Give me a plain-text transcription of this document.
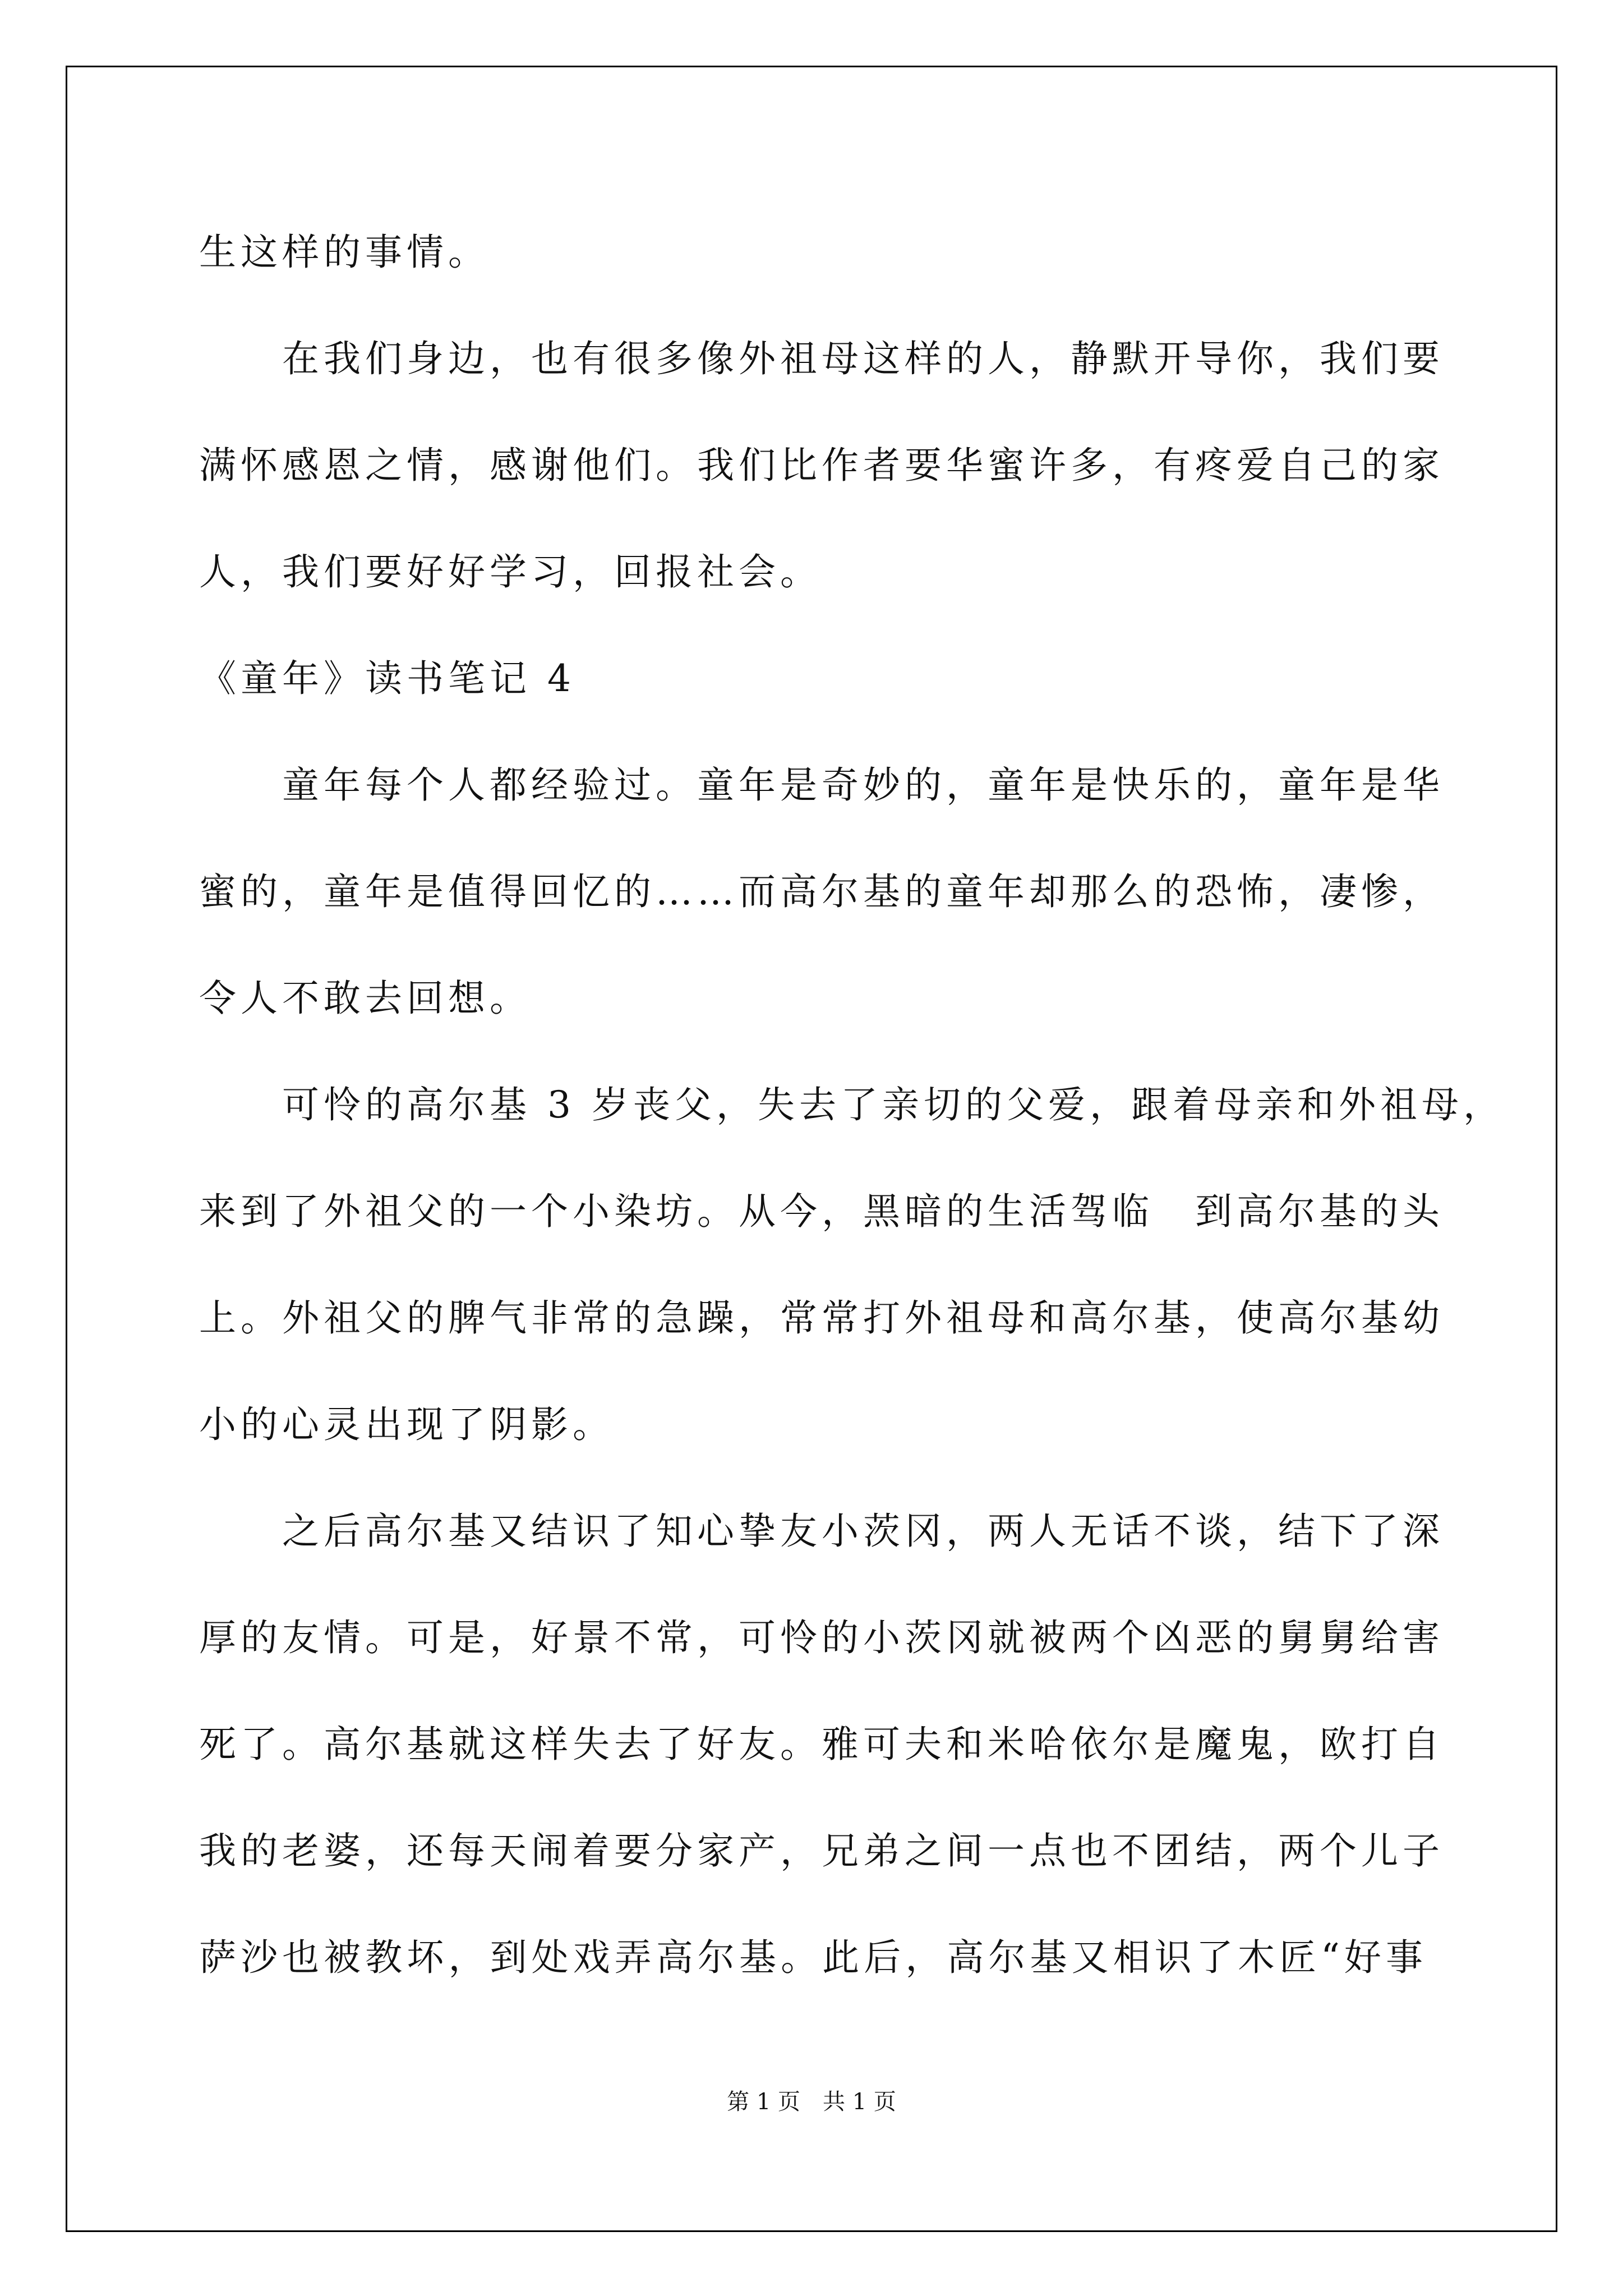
生这样的事情。
在我们身边，也有很多像外祖母这样的人，静默开导你，我们要
满怀感恩之情，感谢他们。我们比作者要华蜜许多，有疼爱自己的家
人，我们要好好学习，回报社会。
《童年》读书笔记 4
童年每个人都经验过。童年是奇妙的，童年是快乐的，童年是华
蜜的，童年是值得回忆的……而高尔基的童年却那么的恐怖，凄惨，
令人不敢去回想。
可怜的高尔基 3 岁丧父，失去了亲切的父爱，跟着母亲和外祖母，
来到了外祖父的一个小染坊。从今，黑暗的生活驾临　到高尔基的头
上。外祖父的脾气非常的急躁，常常打外祖母和高尔基，使高尔基幼
小的心灵出现了阴影。
之后高尔基又结识了知心挚友小茨冈，两人无话不谈，结下了深
厚的友情。可是，好景不常，可怜的小茨冈就被两个凶恶的舅舅给害
死了。高尔基就这样失去了好友。雅可夫和米哈依尔是魔鬼，欧打自
我的老婆，还每天闹着要分家产，兄弟之间一点也不团结，两个儿子
萨沙也被教坏，到处戏弄高尔基。此后，高尔基又相识了木匠“好事
第 1 页　共 1 页
